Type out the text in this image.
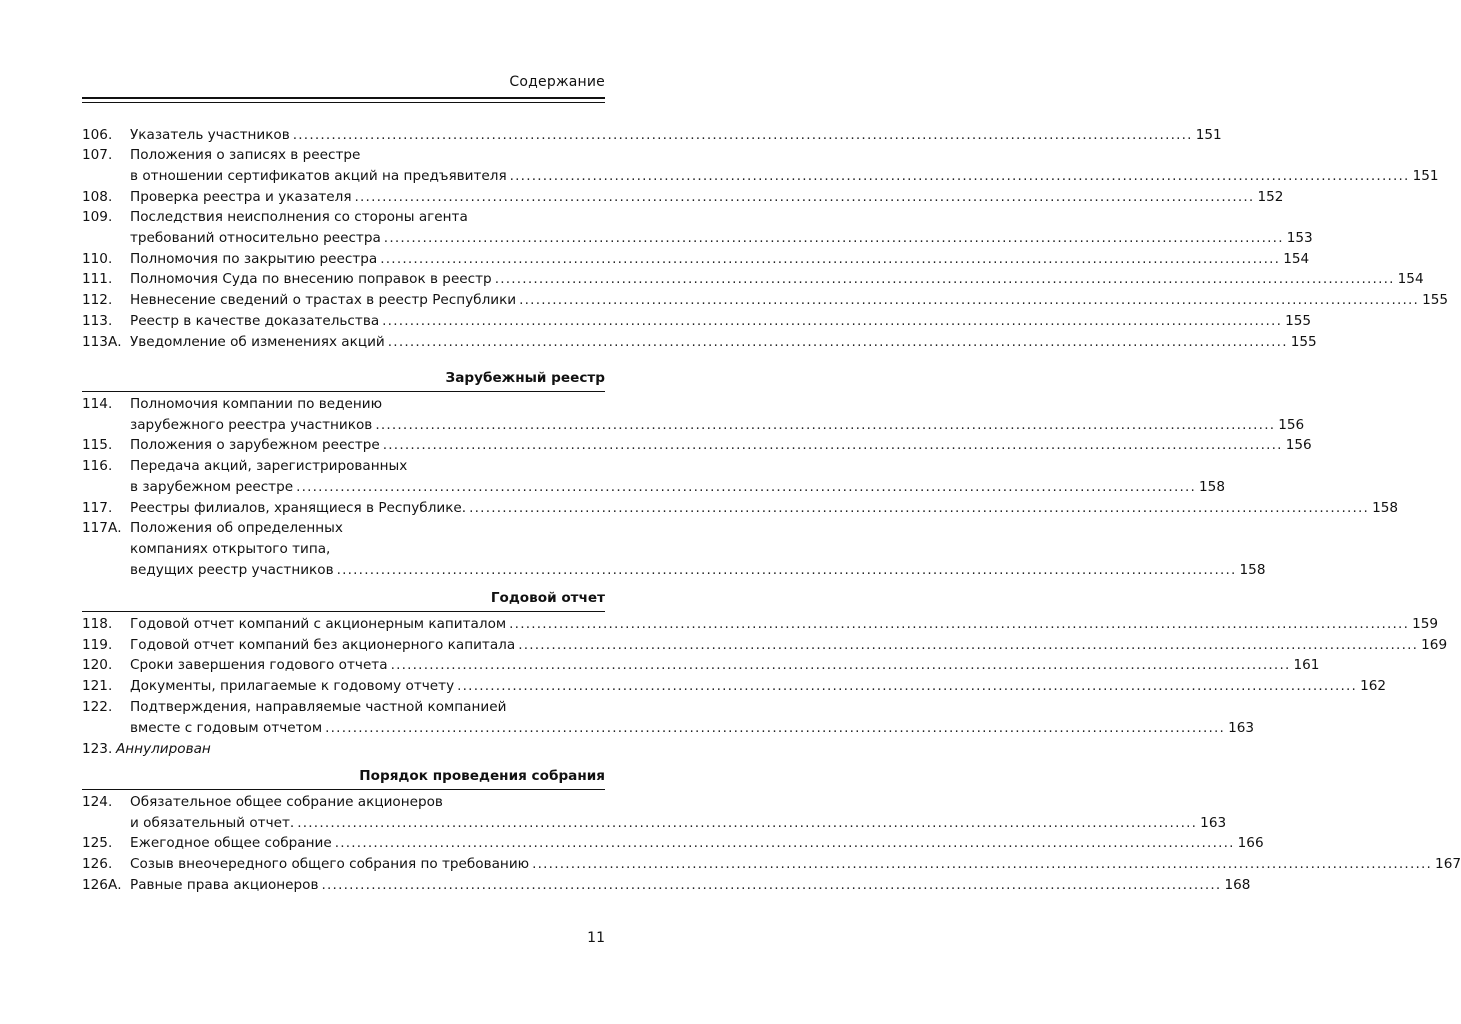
Содержание
106. Указатель участников ................................................................................................................................................................... 151
107. Положения о записях в реестре
в отношении сертификатов акций на предъявителя ................................................................................................................................................................... 151
108. Проверка реестра и указателя ................................................................................................................................................................... 152
109. Последствия неисполнения со стороны агента
требований относительно реестра ................................................................................................................................................................... 153
110. Полномочия по закрытию реестра ................................................................................................................................................................... 154
111. Полномочия Суда по внесению поправок в реестр ................................................................................................................................................................... 154
112. Невнесение сведений о трастах в реестр Республики ................................................................................................................................................................... 155
113. Реестр в качестве доказательства ................................................................................................................................................................... 155
113А. Уведомление об изменениях акций ................................................................................................................................................................... 155
Зарубежный реестр
114. Полномочия компании по ведению
зарубежного реестра участников ................................................................................................................................................................... 156
115. Положения о зарубежном реестре ................................................................................................................................................................... 156
116. Передача акций, зарегистрированных
в зарубежном реестре ................................................................................................................................................................... 158
117. Реестры филиалов, хранящиеся в Республике. ................................................................................................................................................................... 158
117А. Положения об определенных
компаниях открытого типа,
ведущих реестр участников ................................................................................................................................................................... 158
Годовой отчет
118. Годовой отчет компаний с акционерным капиталом ................................................................................................................................................................... 159
119. Годовой отчет компаний без акционерного капитала ................................................................................................................................................................... 169
120. Сроки завершения годового отчета ................................................................................................................................................................... 161
121. Документы, прилагаемые к годовому отчету ................................................................................................................................................................... 162
122. Подтверждения, направляемые частной компанией
вместе с годовым отчетом ................................................................................................................................................................... 163
123. Аннулирован
Порядок проведения собрания
124. Обязательное общее собрание акционеров
и обязательный отчет. ................................................................................................................................................................... 163
125. Ежегодное общее собрание ................................................................................................................................................................... 166
126. Созыв внеочередного общего собрания по требованию ................................................................................................................................................................... 167
126А. Равные права акционеров ................................................................................................................................................................... 168
11
